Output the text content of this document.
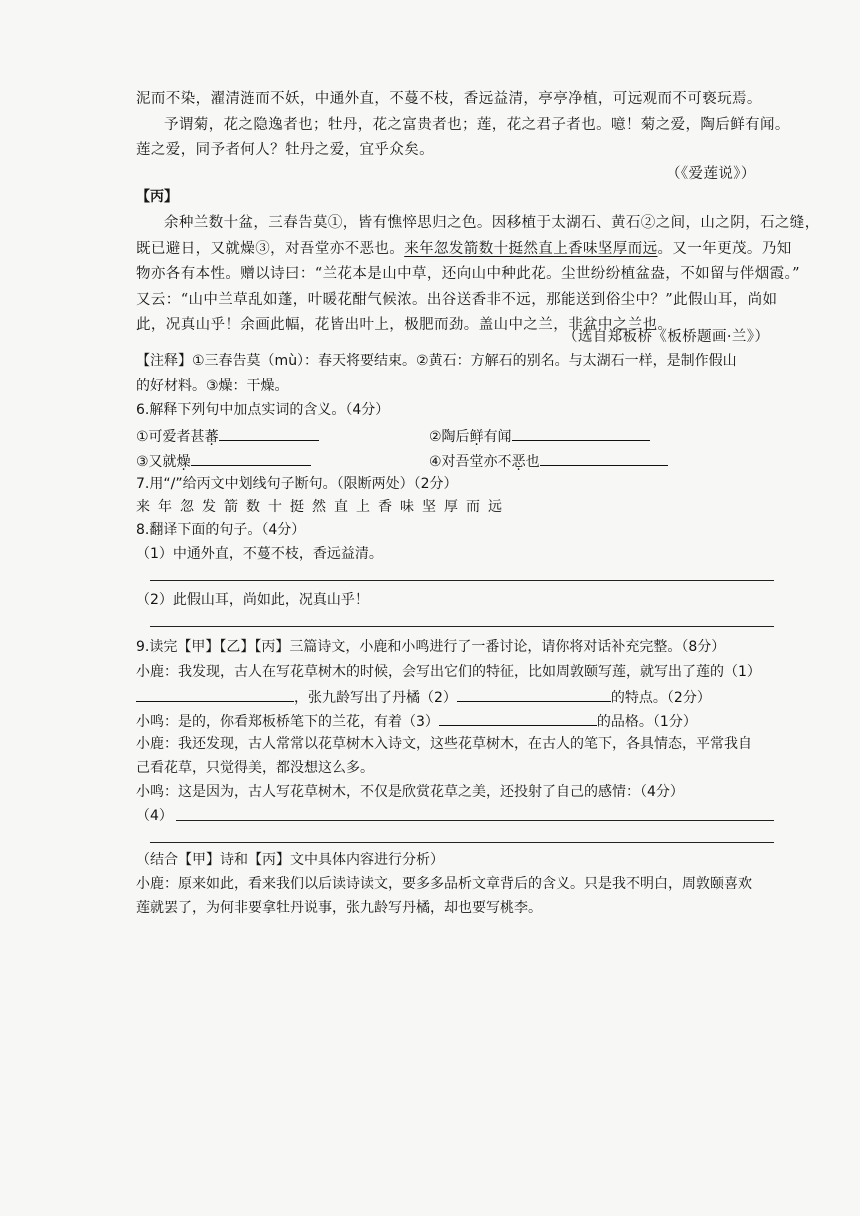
泥而不染，濯清涟而不妖，中通外直，不蔓不枝，香远益清，亭亭净植，可远观而不可亵玩焉。
予谓菊，花之隐逸者也；牡丹，花之富贵者也；莲，花之君子者也。噫！菊之爱，陶后鲜有闻。
莲之爱，同予者何人？牡丹之爱，宜乎众矣。
（《爱莲说》）
【丙】
余种兰数十盆，三春告莫①，皆有憔悴思归之色。因移植于太湖石、黄石②之间，山之阴，石之缝，
既已避日，又就燥③，对吾堂亦不恶也。来年忽发箭数十挺然直上香味坚厚而远。又一年更茂。乃知
物亦各有本性。赠以诗曰：“兰花本是山中草，还向山中种此花。尘世纷纷植盆盎，不如留与伴烟霞。”
又云：“山中兰草乱如蓬，叶暖花酣气候浓。出谷送香非不远，那能送到俗尘中？”此假山耳，尚如
此，况真山乎！余画此幅，花皆出叶上，极肥而劲。盖山中之兰，非盆中之兰也。
（选自郑板桥《板桥题画·兰》）
【注释】①三春告莫（mù）：春天将要结束。②黄石：方解石的别名。与太湖石一样，是制作假山
的好材料。③燥：干燥。
6.解释下列句中加点实词的含义。（4分）
①可爱者甚蕃	②陶后鲜有闻
③又就燥	④对吾堂亦不恶也
7.用“/”给丙文中划线句子断句。（限断两处）（2分）
来年忽发箭数十挺然直上香味坚厚而远
8.翻译下面的句子。（4分）
（1）中通外直，不蔓不枝，香远益清。
（2）此假山耳，尚如此，况真山乎！
9.读完【甲】【乙】【丙】三篇诗文，小鹿和小鸣进行了一番讨论，请你将对话补充完整。（8分）
小鹿：我发现，古人在写花草树木的时候，会写出它们的特征，比如周敦颐写莲，就写出了莲的（1）
，张九龄写出了丹橘（2）	的特点。（2分）
小鸣：是的，你看郑板桥笔下的兰花，有着（3）	的品格。（1分）
小鹿：我还发现，古人常常以花草树木入诗文，这些花草树木，在古人的笔下，各具情态，平常我自
己看花草，只觉得美，都没想这么多。
小鸣：这是因为，古人写花草树木，不仅是欣赏花草之美，还投射了自己的感情：（4分）
（4）
（结合【甲】诗和【丙】文中具体内容进行分析）
小鹿：原来如此，看来我们以后读诗读文，要多多品析文章背后的含义。只是我不明白，周敦颐喜欢
莲就罢了，为何非要拿牡丹说事，张九龄写丹橘，却也要写桃李。
